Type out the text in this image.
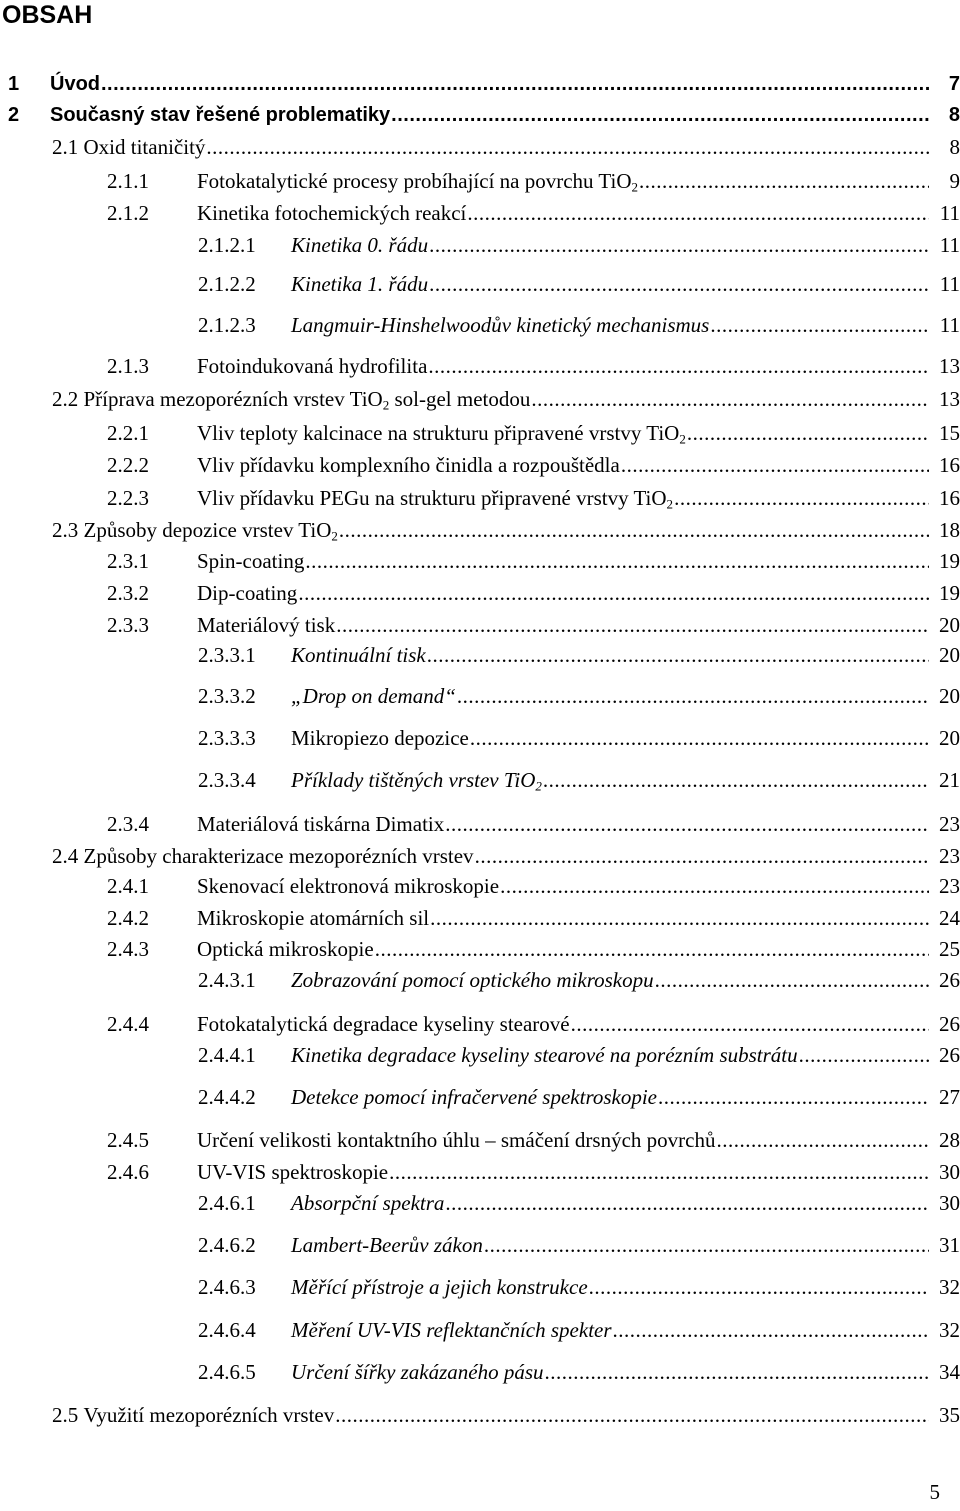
OBSAH
1	Úvod .....	7
2	Současný stav řešené problematiky .....	8
2.1 Oxid titaničitý .....	8
2.1.1	Fotokatalytické procesy probíhající na povrchu TiO$_2$ .....	9
2.1.2	Kinetika fotochemických reakcí .....	11
2.1.2.1	Kinetika 0. řádu .....	11
2.1.2.2	Kinetika 1. řádu .....	11
2.1.2.3	Langmuir-Hinshelwoodův kinetický mechanismus .....	11
2.1.3	Fotoindukovaná hydrofilita .....	13
2.2 Příprava mezoporézních vrstev TiO$_2$ sol-gel metodou .....	13
2.2.1	Vliv teploty kalcinace na strukturu připravené vrstvy TiO$_2$ .....	15
2.2.2	Vliv přídavku komplexního činidla a rozpouštědla .....	16
2.2.3	Vliv přídavku PEGu na strukturu připravené vrstvy TiO$_2$ .....	16
2.3 Způsoby depozice vrstev TiO$_2$ .....	18
2.3.1	Spin-coating .....	19
2.3.2	Dip-coating .....	19
2.3.3	Materiálový tisk .....	20
2.3.3.1	Kontinuální tisk .....	20
2.3.3.2	„Drop on demand“ .....	20
2.3.3.3	Mikropiezo depozice .....	20
2.3.3.4	Příklady tištěných vrstev TiO$_2$ .....	21
2.3.4	Materiálová tiskárna Dimatix .....	23
2.4 Způsoby charakterizace mezoporézních vrstev .....	23
2.4.1	Skenovací elektronová mikroskopie .....	23
2.4.2	Mikroskopie atomárních sil .....	24
2.4.3	Optická mikroskopie .....	25
2.4.3.1	Zobrazování pomocí optického mikroskopu .....	26
2.4.4	Fotokatalytická degradace kyseliny stearové .....	26
2.4.4.1	Kinetika degradace kyseliny stearové na porézním substrátu .....	26
2.4.4.2	Detekce pomocí infračervené spektroskopie .....	27
2.4.5	Určení velikosti kontaktního úhlu – smáčení drsných povrchů .....	28
2.4.6	UV-VIS spektroskopie .....	30
2.4.6.1	Absorpční spektra .....	30
2.4.6.2	Lambert-Beerův zákon .....	31
2.4.6.3	Měřící přístroje a jejich konstrukce .....	32
2.4.6.4	Měření UV-VIS reflektančních spekter .....	32
2.4.6.5	Určení šířky zakázaného pásu .....	34
2.5 Využití mezoporézních vrstev .....	35
5
